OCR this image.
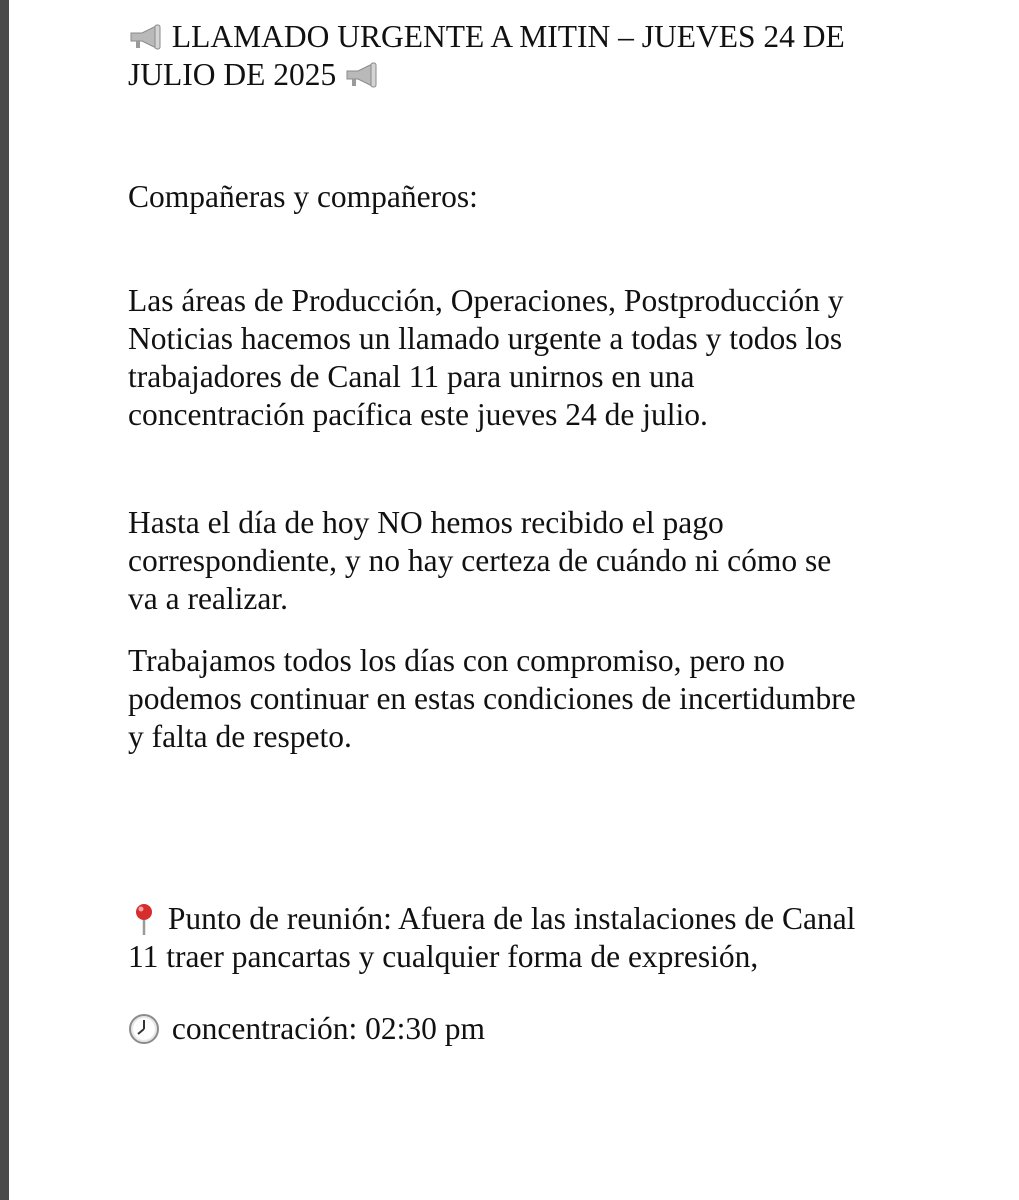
LLAMADO URGENTE A MITIN – JUEVES 24 DE
JULIO DE 2025
Compañeras y compañeros:
Las áreas de Producción, Operaciones, Postproducción y
Noticias hacemos un llamado urgente a todas y todos los
trabajadores de Canal 11 para unirnos en una
concentración pacífica este jueves 24 de julio.
Hasta el día de hoy NO hemos recibido el pago
correspondiente, y no hay certeza de cuándo ni cómo se
va a realizar.
Trabajamos todos los días con compromiso, pero no
podemos continuar en estas condiciones de incertidumbre
y falta de respeto.
Punto de reunión: Afuera de las instalaciones de Canal
11 traer pancartas y cualquier forma de expresión,
concentración: 02:30 pm
